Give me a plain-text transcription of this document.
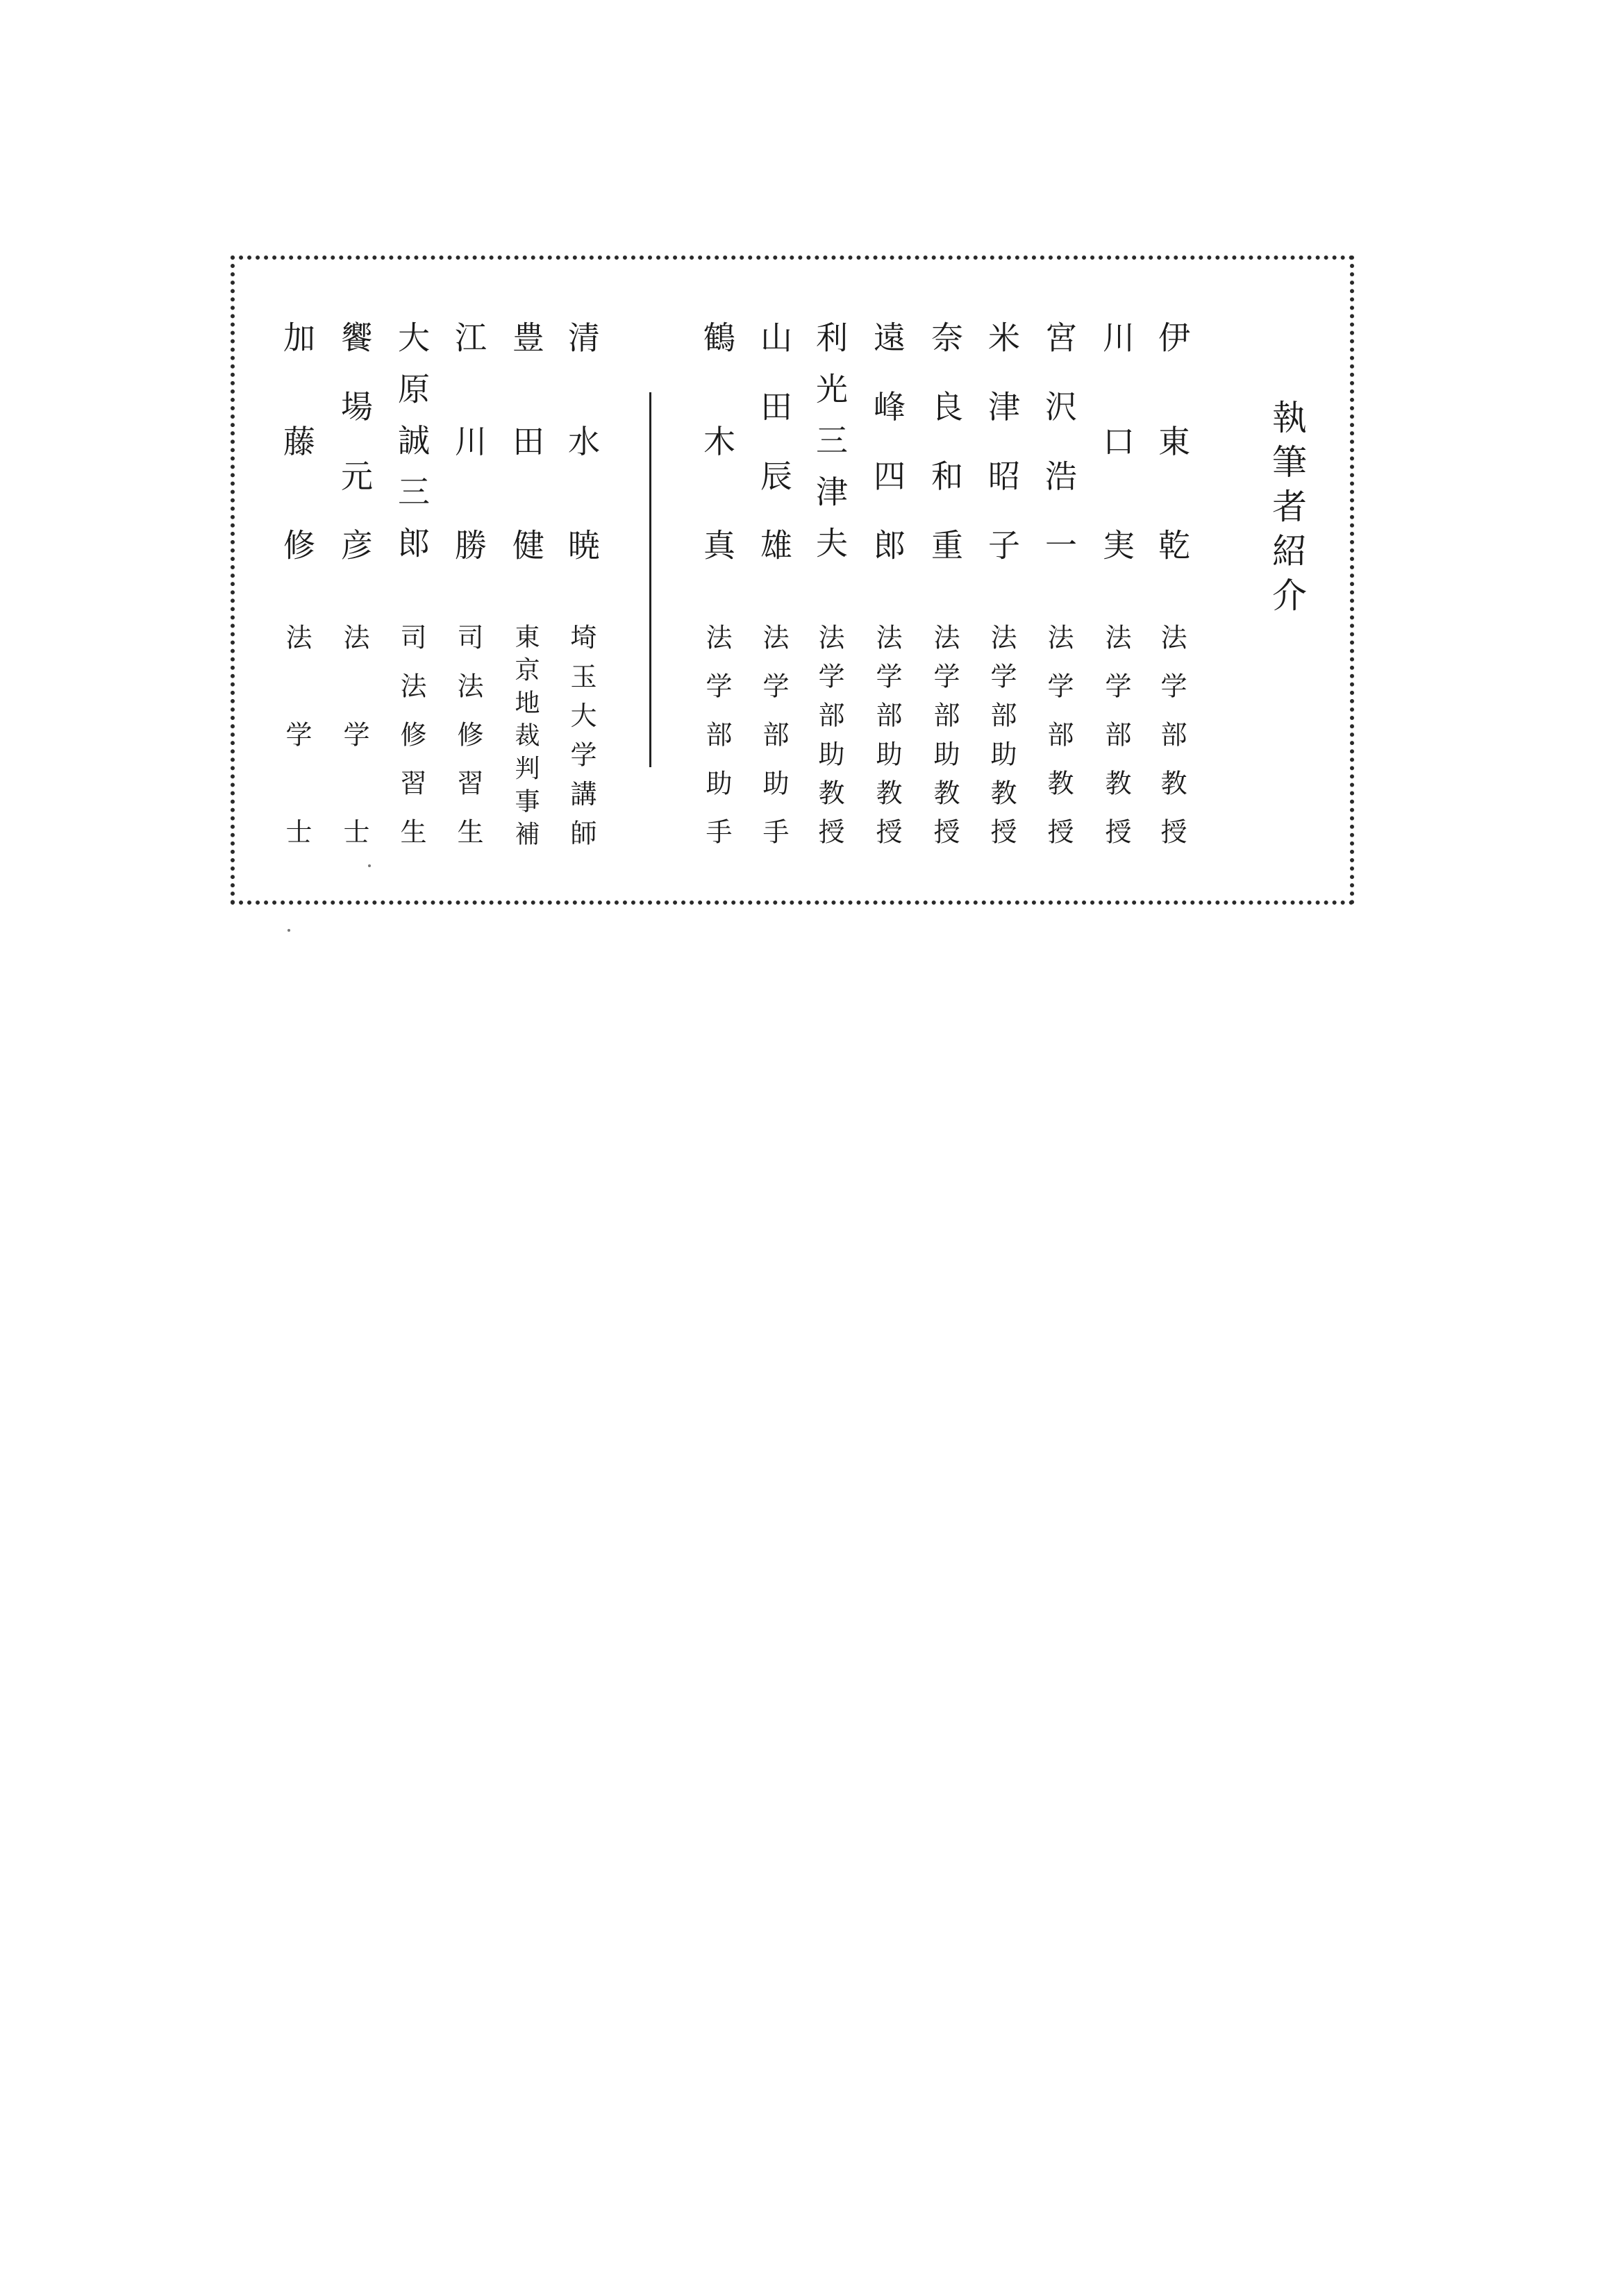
執筆者紹介
伊東乾
法学部教授
川口実
法学部教授
宮沢浩一
法学部教授
米津昭子
法学部助教授
奈良和重
法学部助教授
遠峰四郎
法学部助教授
利光三津夫
法学部助教授
山田辰雄
法学部助手
鶴木真
法学部助手
清水暁
埼玉大学講師
豊田健
東京地裁判事補
江川勝
司法修習生
大原誠三郎
司法修習生
饗場元彦
法学士
加藤修
法学士
